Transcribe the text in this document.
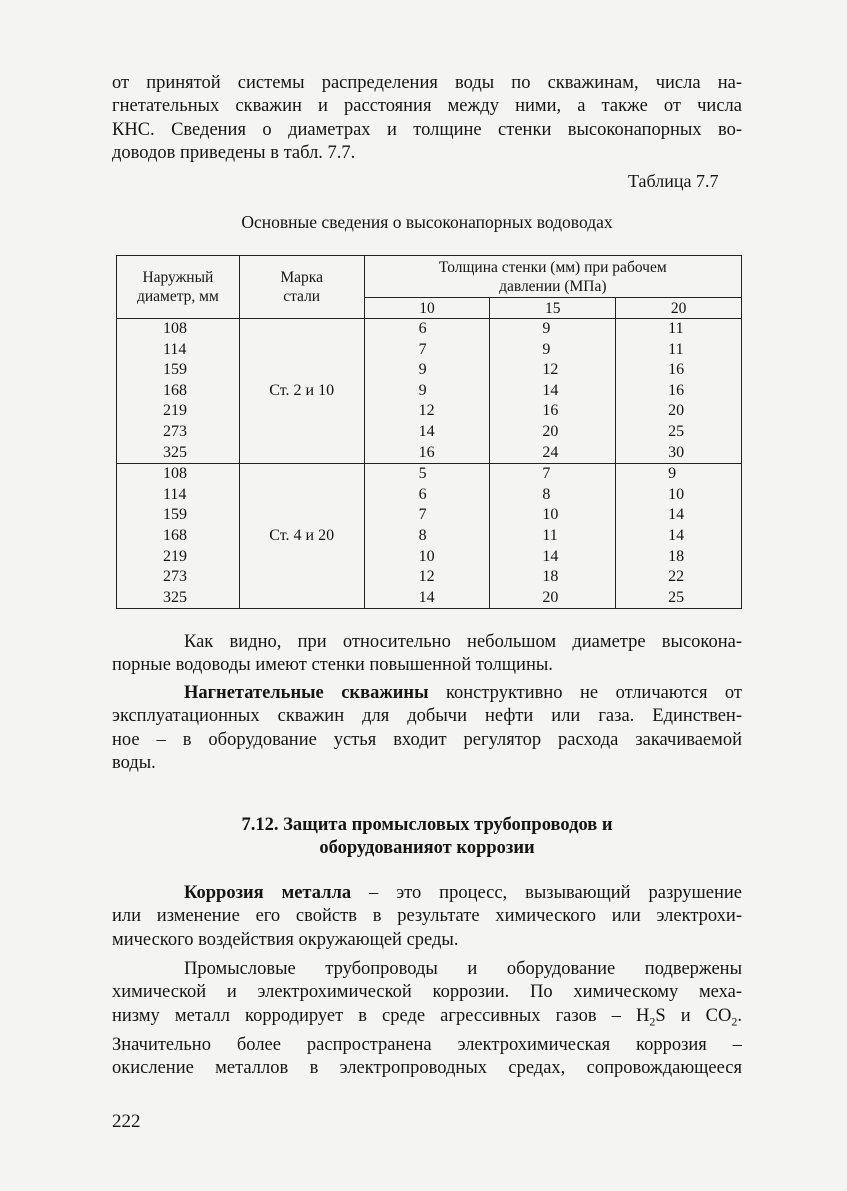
от принятой системы распределения воды по скважинам, числа на-
гнетательных скважин и расстояния между ними, а также от числа
КНС. Сведения о диаметрах и толщине стенки высоконапорных во-
доводов приведены в табл. 7.7.

Таблица 7.7
Основные сведения о высоконапорных водоводах
Наружный диаметр, мм	Марка стали	Толщина стенки (мм) при рабочем давлении (МПа)		
		10	15	20
108	Ст. 2 и 10	6	9	11
114		7	9	11
159		9	12	16
168		9	14	16
219		12	16	20
273		14	20	25
325		16	24	30
108	Ст. 4 и 20	5	7	9
114		6	8	10
159		7	10	14
168		8	11	14
219		10	14	18
273		12	18	22
325		14	20	25

Как видно, при относительно небольшом диаметре высокона-
порные водоводы имеют стенки повышенной толщины.

Нагнетательные скважины конструктивно не отличаются от
эксплуатационных скважин для добычи нефти или газа. Единствен-
ное – в оборудование устья входит регулятор расхода закачиваемой
воды.

7.12. Защита промысловых трубопроводов и
оборудованияот коррозии

Коррозия металла – это процесс, вызывающий разрушение
или изменение его свойств в результате химического или электрохи-
мического воздействия окружающей среды.

Промысловые трубопроводы и оборудование подвержены
химической и электрохимической коррозии. По химическому меха-
низму металл корродирует в среде агрессивных газов – $H_2S$ и $CO_2$.
Значительно более распространена электрохимическая коррозия –
окисление металлов в электропроводных средах, сопровождающееся

222
